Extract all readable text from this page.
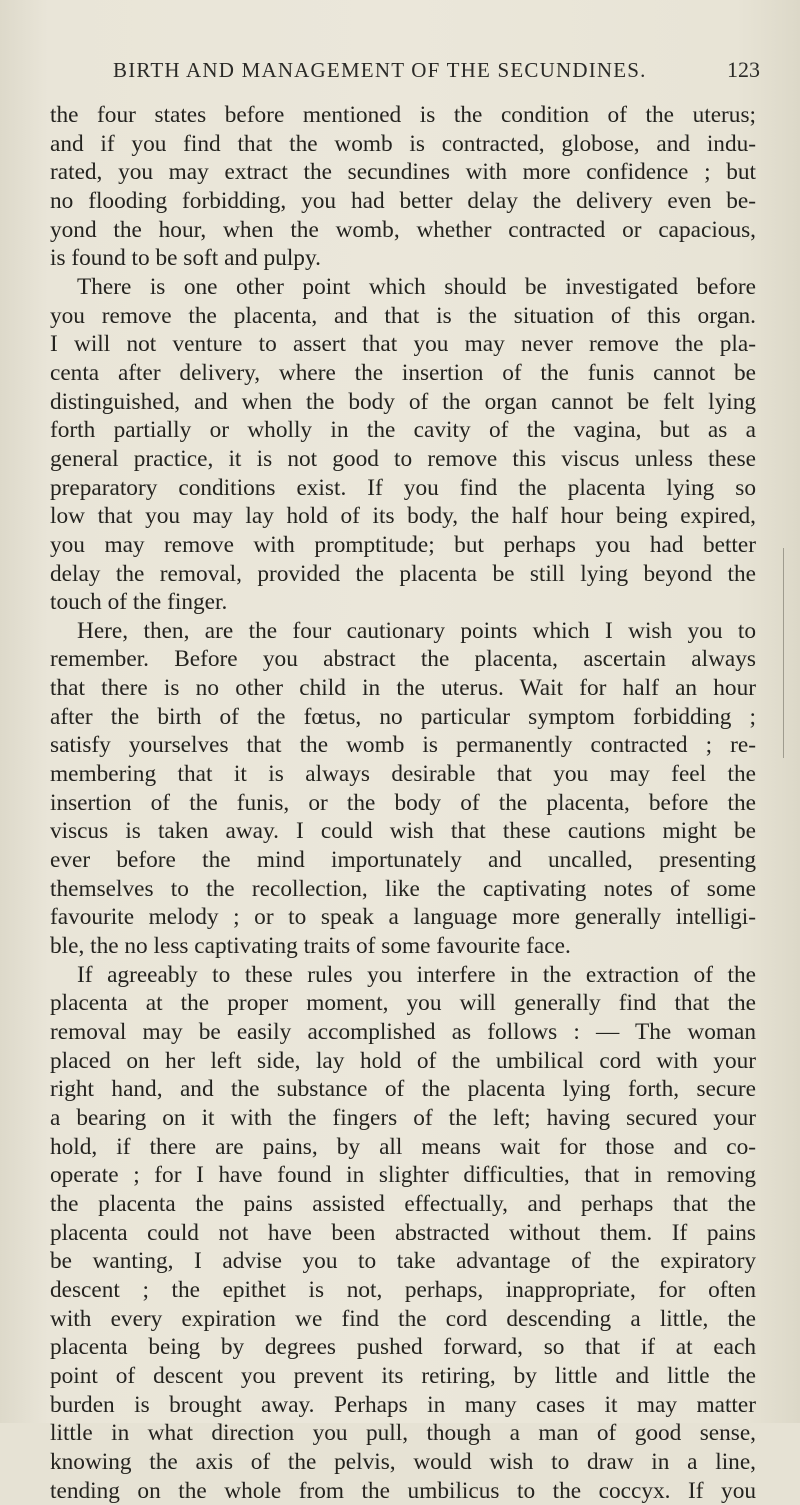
BIRTH AND MANAGEMENT OF THE SECUNDINES.	123
the four states before mentioned is the condition of the uterus;
and if you find that the womb is contracted, globose, and indu-
rated, you may extract the secundines with more confidence ; but
no flooding forbidding, you had better delay the delivery even be-
yond the hour, when the womb, whether contracted or capacious,
is found to be soft and pulpy.
There is one other point which should be investigated before
you remove the placenta, and that is the situation of this organ.
I will not venture to assert that you may never remove the pla-
centa after delivery, where the insertion of the funis cannot be
distinguished, and when the body of the organ cannot be felt lying
forth partially or wholly in the cavity of the vagina, but as a
general practice, it is not good to remove this viscus unless these
preparatory conditions exist. If you find the placenta lying so
low that you may lay hold of its body, the half hour being expired,
you may remove with promptitude; but perhaps you had better
delay the removal, provided the placenta be still lying beyond the
touch of the finger.
Here, then, are the four cautionary points which I wish you to
remember. Before you abstract the placenta, ascertain always
that there is no other child in the uterus. Wait for half an hour
after the birth of the fœtus, no particular symptom forbidding ;
satisfy yourselves that the womb is permanently contracted ; re-
membering that it is always desirable that you may feel the
insertion of the funis, or the body of the placenta, before the
viscus is taken away. I could wish that these cautions might be
ever before the mind importunately and uncalled, presenting
themselves to the recollection, like the captivating notes of some
favourite melody ; or to speak a language more generally intelligi-
ble, the no less captivating traits of some favourite face.
If agreeably to these rules you interfere in the extraction of the
placenta at the proper moment, you will generally find that the
removal may be easily accomplished as follows : — The woman
placed on her left side, lay hold of the umbilical cord with your
right hand, and the substance of the placenta lying forth, secure
a bearing on it with the fingers of the left; having secured your
hold, if there are pains, by all means wait for those and co-
operate ; for I have found in slighter difficulties, that in removing
the placenta the pains assisted effectually, and perhaps that the
placenta could not have been abstracted without them. If pains
be wanting, I advise you to take advantage of the expiratory
descent ; the epithet is not, perhaps, inappropriate, for often
with every expiration we find the cord descending a little, the
placenta being by degrees pushed forward, so that if at each
point of descent you prevent its retiring, by little and little the
burden is brought away. Perhaps in many cases it may matter
little in what direction you pull, though a man of good sense,
knowing the axis of the pelvis, would wish to draw in a line,
tending on the whole from the umbilicus to the coccyx. If you
